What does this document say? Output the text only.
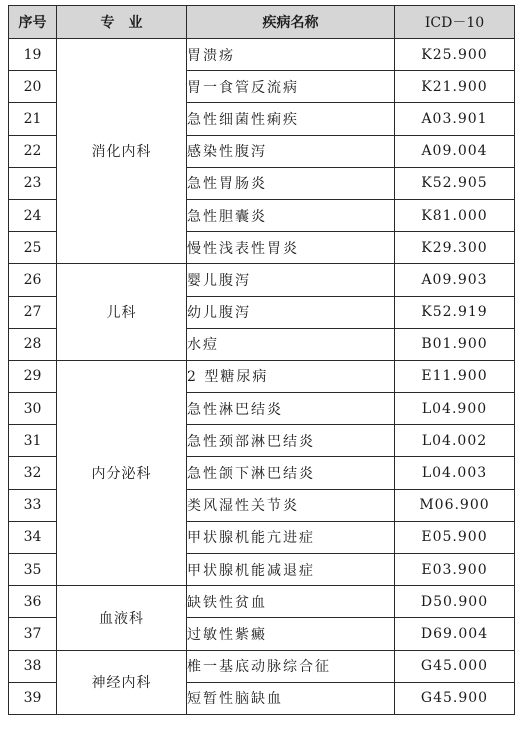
序号	专　业	疾病名称	ICD－10
19	消化内科	胃溃疡	K25.900
20		胃一食管反流病	K21.900
21		急性细菌性痢疾	A03.901
22		感染性腹泻	A09.004
23		急性胃肠炎	K52.905
24		急性胆囊炎	K81.000
25		慢性浅表性胃炎	K29.300
26	儿科	婴儿腹泻	A09.903
27		幼儿腹泻	K52.919
28		水痘	B01.900
29	内分泌科	2 型糖尿病	E11.900
30		急性淋巴结炎	L04.900
31		急性颈部淋巴结炎	L04.002
32		急性颌下淋巴结炎	L04.003
33		类风湿性关节炎	M06.900
34		甲状腺机能亢进症	E05.900
35		甲状腺机能减退症	E03.900
36	血液科	缺铁性贫血	D50.900
37		过敏性紫癜	D69.004
38	神经内科	椎一基底动脉综合征	G45.000
39		短暂性脑缺血	G45.900
